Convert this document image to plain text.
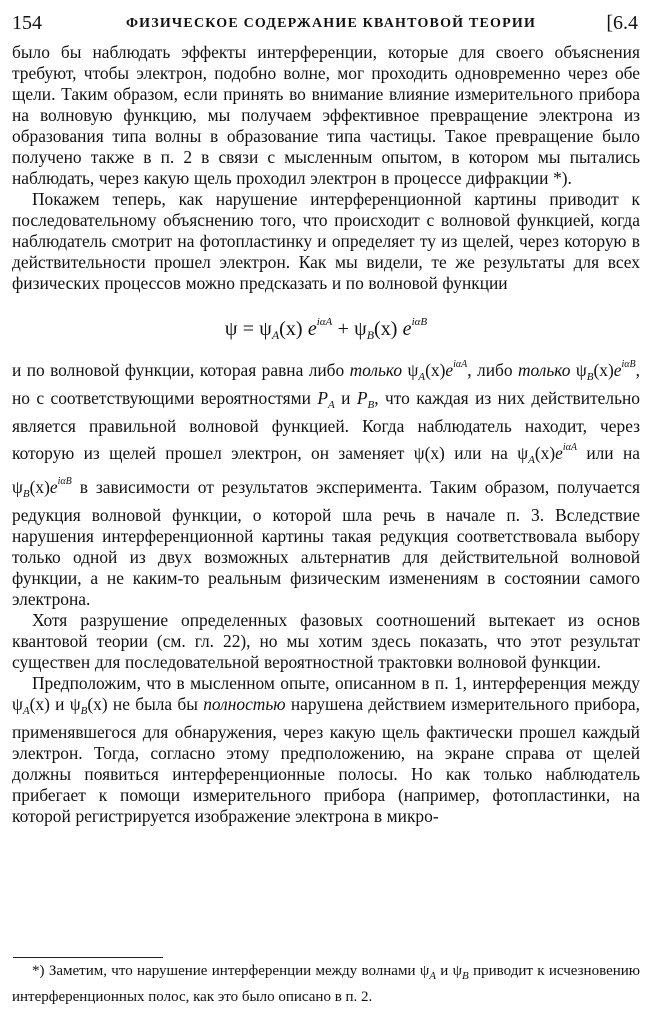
154	ФИЗИЧЕСКОЕ СОДЕРЖАНИЕ КВАНТОВОЙ ТЕОРИИ	[6.4

было бы наблюдать эффекты интерференции, которые для своего объяснения требуют, чтобы электрон, подобно волне, мог проходить одновременно через обе щели. Таким образом, если принять во внимание влияние измерительного прибора на волновую функцию, мы получаем эффективное превращение электрона из образования типа волны в образование типа частицы. Такое превращение было получено также в п. 2 в связи с мысленным опытом, в котором мы пытались наблюдать, через какую щель проходил электрон в процессе дифракции *).

Покажем теперь, как нарушение интерференционной картины приводит к последовательному объяснению того, что происходит с волновой функцией, когда наблюдатель смотрит на фотопластинку и определяет ту из щелей, через которую в действительности прошел электрон. Как мы видели, те же результаты для всех физических процессов можно предсказать и по волновой функции

$\psi = \psi_A(x) e^{i\alpha A} + \psi_B(x)$ $e^{i\alpha B}$

и по волновой функции, которая равна либо только $\psi_A(x)e^{i\alpha A}$, либо только $\psi_B(x)e^{i\alpha B}$, но с соответствующими вероятностями $P_A$ и $P_B$, что каждая из них действительно является правильной волновой функцией. Когда наблюдатель находит, через которую из щелей прошел электрон, он заменяет ψ(x) или на $\psi_A(x)e^{i\alpha A}$ или на $\psi_B(x)e^{i\alpha B}$ в зависимости от результатов эксперимента. Таким образом, получается редукция волновой функции, о которой шла речь в начале п. 3. Вследствие нарушения интерференционной картины такая редукция соответствовала выбору только одной из двух возможных альтернатив для действительной волновой функции, а не каким-то реальным физическим изменениям в состоянии самого электрона.

Хотя разрушение определенных фазовых соотношений вытекает из основ квантовой теории (см. гл. 22), но мы хотим здесь показать, что этот результат существен для последовательной вероятностной трактовки волновой функции.

Предположим, что в мысленном опыте, описанном в п. 1, интерференция между $\psi_A(x)$ и $\psi_B(x)$ не была бы полностью нарушена действием измерительного прибора, применявшегося для обнаружения, через какую щель фактически прошел каждый электрон. Тогда, согласно этому предположению, на экране справа от щелей должны появиться интерференционные полосы. Но как только наблюдатель прибегает к помощи измерительного прибора (например, фотопластинки, на которой регистрируется изображение электрона в микро-

*) Заметим, что нарушение интерференции между волнами $\psi_A$ и $\psi_B$ приводит к исчезновению интерференционных полос, как это было описано в п. 2.
